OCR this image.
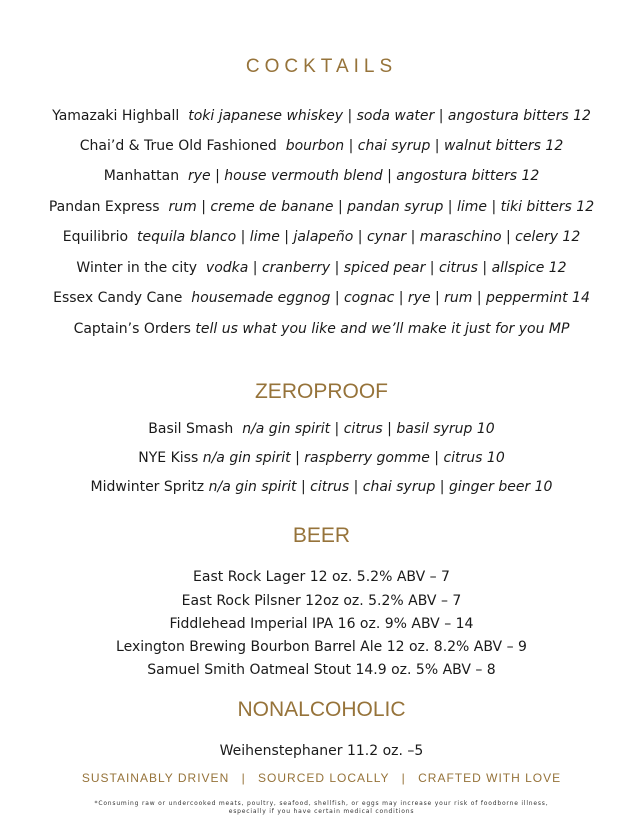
COCKTAILS
Yamazaki Highball toki japanese whiskey | soda water | angostura bitters 12
Chai’d & True Old Fashioned bourbon | chai syrup | walnut bitters 12
Manhattan rye | house vermouth blend | angostura bitters 12
Pandan Express rum | creme de banane | pandan syrup | lime | tiki bitters 12
Equilibrio tequila blanco | lime | jalapeño | cynar | maraschino | celery 12
Winter in the city vodka | cranberry | spiced pear | citrus | allspice 12
Essex Candy Cane housemade eggnog | cognac | rye | rum | peppermint 14
Captain’s Orders tell us what you like and we’ll make it just for you MP
ZEROPROOF
Basil Smash n/a gin spirit | citrus | basil syrup 10
NYE Kiss n/a gin spirit | raspberry gomme | citrus 10
Midwinter Spritz n/a gin spirit | citrus | chai syrup | ginger beer 10
BEER
East Rock Lager 12 oz. 5.2% ABV – 7
East Rock Pilsner 12oz oz. 5.2% ABV – 7
Fiddlehead Imperial IPA 16 oz. 9% ABV – 14
Lexington Brewing Bourbon Barrel Ale 12 oz. 8.2% ABV – 9
Samuel Smith Oatmeal Stout 14.9 oz. 5% ABV – 8
NONALCOHOLIC
Weihenstephaner 11.2 oz. –5
SUSTAINABLY DRIVEN | SOURCED LOCALLY | CRAFTED WITH LOVE
*Consuming raw or undercooked meats, poultry, seafood, shellfish, or eggs may increase your risk of foodborne illness,
especially if you have certain medical conditions
